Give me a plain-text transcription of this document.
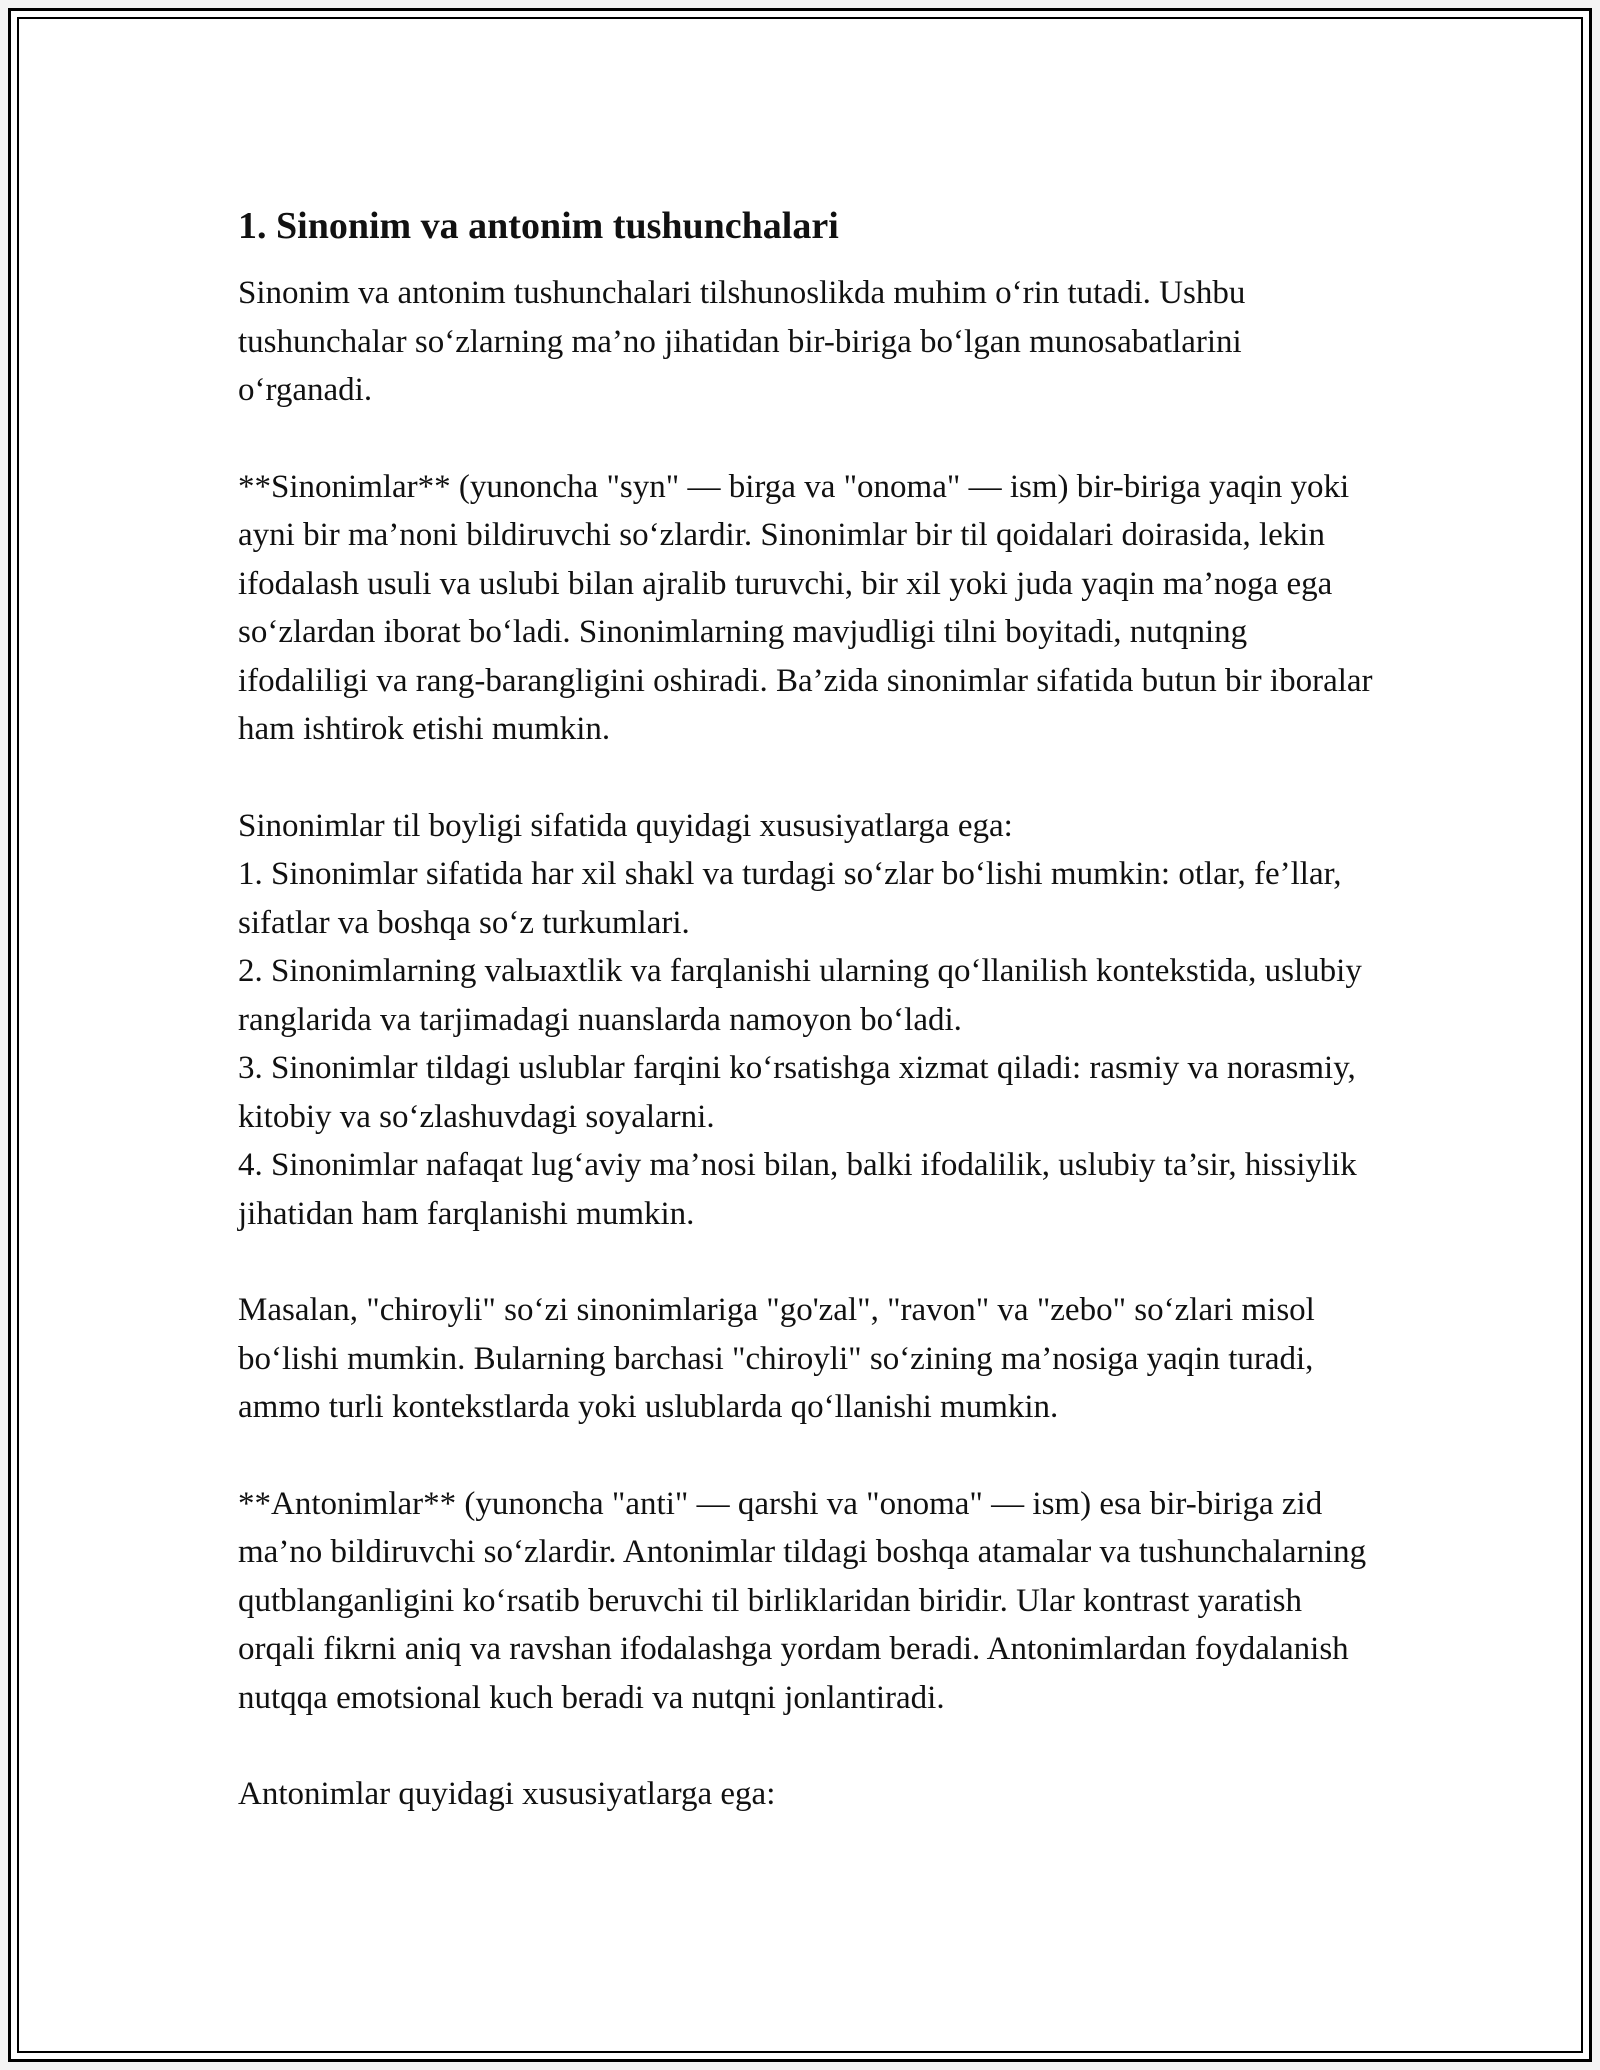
1. Sinonim va antonim tushunchalari

Sinonim va antonim tushunchalari tilshunoslikda muhim o‘rin tutadi. Ushbu tushunchalar so‘zlarning ma’no jihatidan bir-biriga bo‘lgan munosabatlarini o‘rganadi.

**Sinonimlar** (yunoncha "syn" — birga va "onoma" — ism) bir-biriga yaqin yoki ayni bir ma’noni bildiruvchi so‘zlardir. Sinonimlar bir til qoidalari doirasida, lekin ifodalash usuli va uslubi bilan ajralib turuvchi, bir xil yoki juda yaqin ma’noga ega so‘zlardan iborat bo‘ladi. Sinonimlarning mavjudligi tilni boyitadi, nutqning ifodaliligi va rang-barangligini oshiradi. Ba’zida sinonimlar sifatida butun bir iboralar ham ishtirok etishi mumkin.

Sinonimlar til boyligi sifatida quyidagi xususiyatlarga ega:
1. Sinonimlar sifatida har xil shakl va turdagi so‘zlar bo‘lishi mumkin: otlar, fe’llar, sifatlar va boshqa so‘z turkumlari.
2. Sinonimlarning valыaxtlik va farqlanishi ularning qo‘llanilish kontekstida, uslubiy ranglarida va tarjimadagi nuanslarda namoyon bo‘ladi.
3. Sinonimlar tildagi uslublar farqini ko‘rsatishga xizmat qiladi: rasmiy va norasmiy, kitobiy va so‘zlashuvdagi soyalarni.
4. Sinonimlar nafaqat lug‘aviy ma’nosi bilan, balki ifodalilik, uslubiy ta’sir, hissiylik jihatidan ham farqlanishi mumkin.

Masalan, "chiroyli" so‘zi sinonimlariga "go'zal", "ravon" va "zebo" so‘zlari misol bo‘lishi mumkin. Bularning barchasi "chiroyli" so‘zining ma’nosiga yaqin turadi, ammo turli kontekstlarda yoki uslublarda qo‘llanishi mumkin.

**Antonimlar** (yunoncha "anti" — qarshi va "onoma" — ism) esa bir-biriga zid ma’no bildiruvchi so‘zlardir. Antonimlar tildagi boshqa atamalar va tushunchalarning qutblanganligini ko‘rsatib beruvchi til birliklaridan biridir. Ular kontrast yaratish orqali fikrni aniq va ravshan ifodalashga yordam beradi. Antonimlardan foydalanish nutqqa emotsional kuch beradi va nutqni jonlantiradi.

Antonimlar quyidagi xususiyatlarga ega:
